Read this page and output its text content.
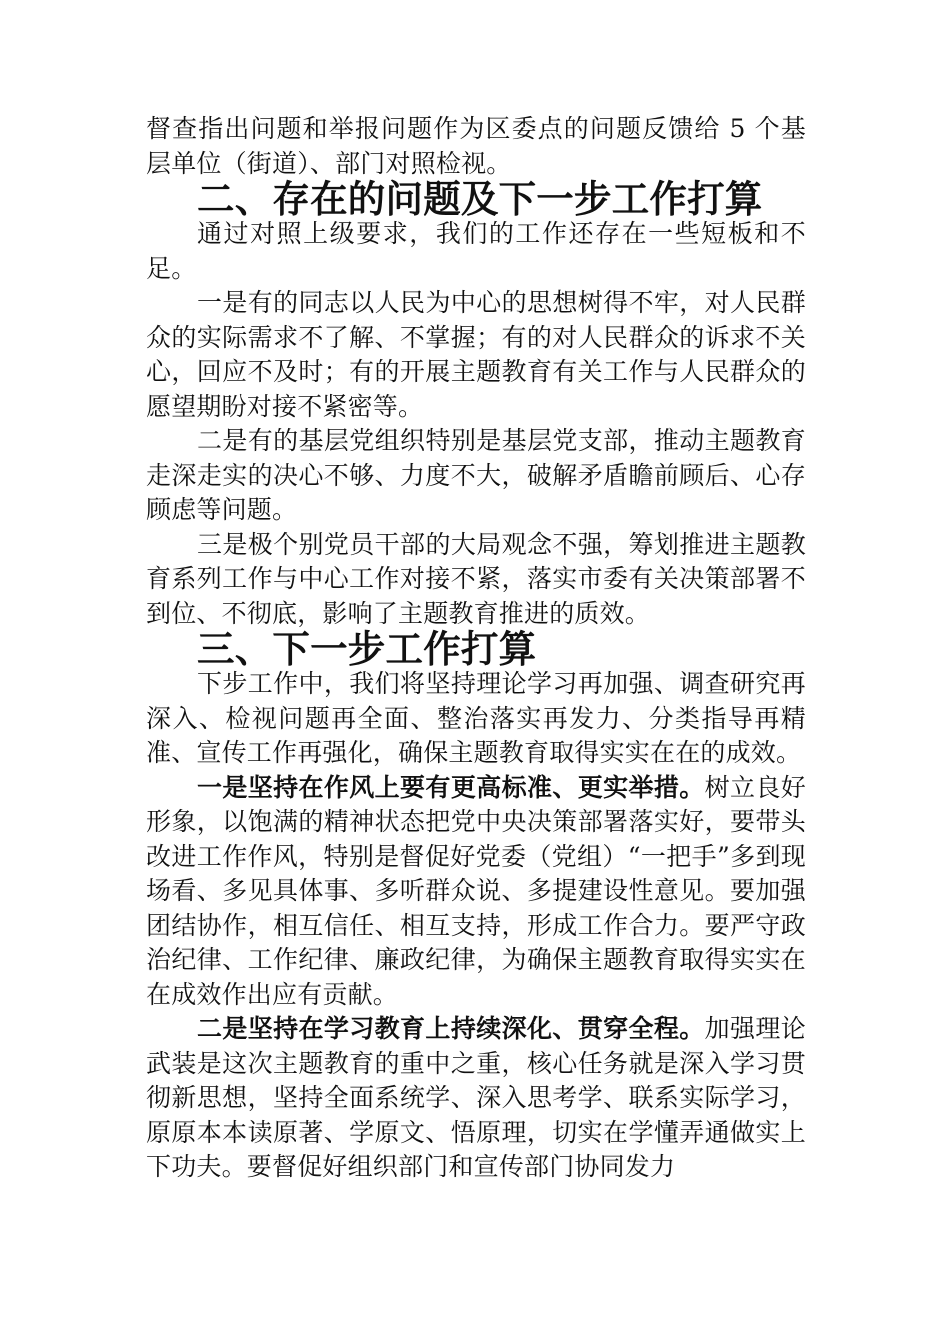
督查指出问题和举报问题作为区委点的问题反馈给 5 个基层单位（街道）、部门对照检视。

二、存在的问题及下一步工作打算

通过对照上级要求，我们的工作还存在一些短板和不足。

一是有的同志以人民为中心的思想树得不牢，对人民群众的实际需求不了解、不掌握；有的对人民群众的诉求不关心，回应不及时；有的开展主题教育有关工作与人民群众的愿望期盼对接不紧密等。

二是有的基层党组织特别是基层党支部，推动主题教育走深走实的决心不够、力度不大，破解矛盾瞻前顾后、心存顾虑等问题。

三是极个别党员干部的大局观念不强，筹划推进主题教育系列工作与中心工作对接不紧，落实市委有关决策部署不到位、不彻底，影响了主题教育推进的质效。

三、下一步工作打算

下步工作中，我们将坚持理论学习再加强、调查研究再深入、检视问题再全面、整治落实再发力、分类指导再精准、宣传工作再强化，确保主题教育取得实实在在的成效。

一是坚持在作风上要有更高标准、更实举措。树立良好形象，以饱满的精神状态把党中央决策部署落实好，要带头改进工作作风，特别是督促好党委（党组）“一把手”多到现场看、多见具体事、多听群众说、多提建设性意见。要加强团结协作，相互信任、相互支持，形成工作合力。要严守政治纪律、工作纪律、廉政纪律，为确保主题教育取得实实在在成效作出应有贡献。

二是坚持在学习教育上持续深化、贯穿全程。加强理论武装是这次主题教育的重中之重，核心任务就是深入学习贯彻新思想，坚持全面系统学、深入思考学、联系实际学习，原原本本读原著、学原文、悟原理，切实在学懂弄通做实上下功夫。要督促好组织部门和宣传部门协同发力
